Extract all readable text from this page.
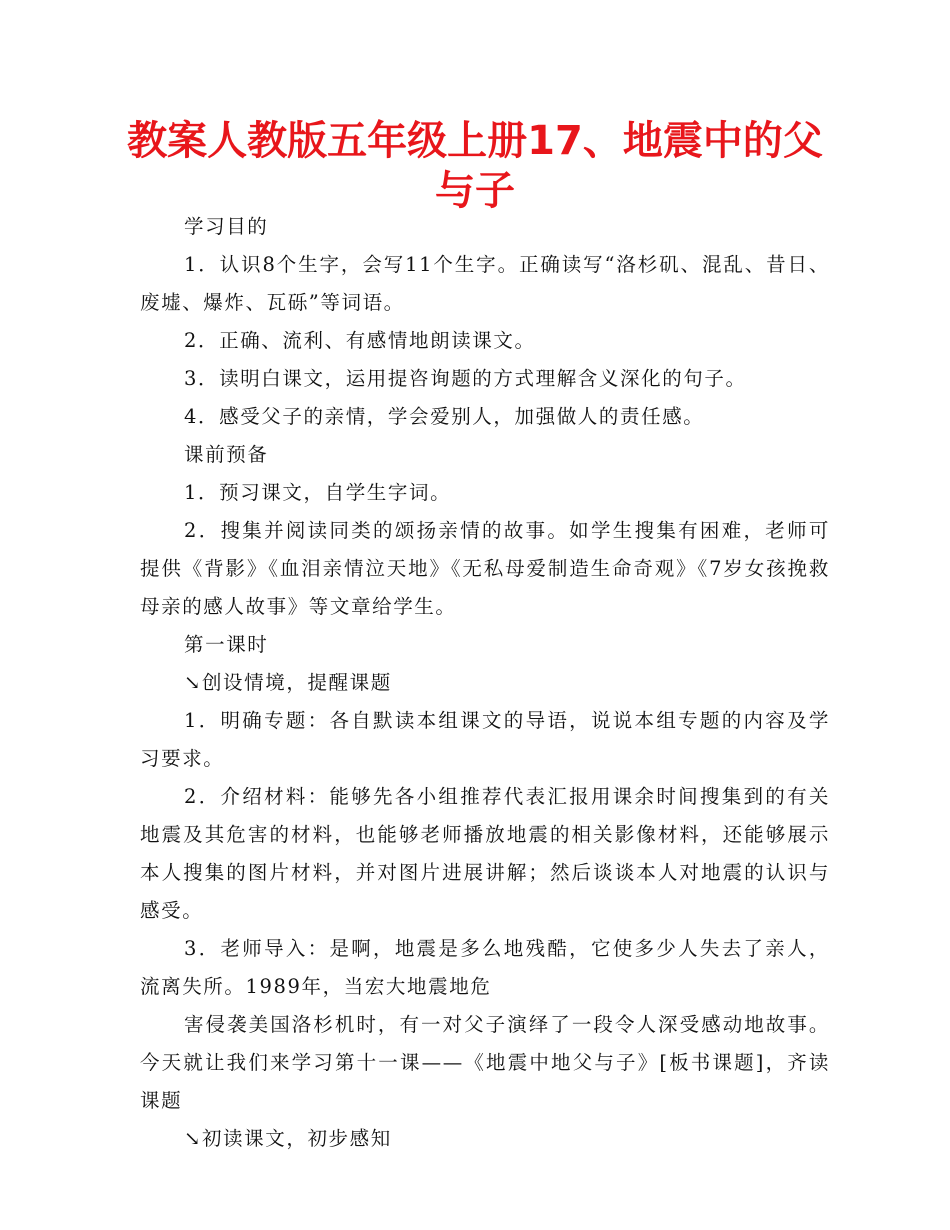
教案人教版五年级上册17、地震中的父与子

学习目的

1．认识8个生字，会写11个生字。正确读写“洛杉矶、混乱、昔日、废墟、爆炸、瓦砾”等词语。

2．正确、流利、有感情地朗读课文。

3．读明白课文，运用提咨询题的方式理解含义深化的句子。

4．感受父子的亲情，学会爱别人，加强做人的责任感。

课前预备

1．预习课文，自学生字词。

2．搜集并阅读同类的颂扬亲情的故事。如学生搜集有困难，老师可提供《背影》《血泪亲情泣天地》《无私母爱制造生命奇观》《7岁女孩挽救母亲的感人故事》等文章给学生。

第一课时

↘创设情境，提醒课题

1．明确专题：各自默读本组课文的导语，说说本组专题的内容及学习要求。

2．介绍材料：能够先各小组推荐代表汇报用课余时间搜集到的有关地震及其危害的材料，也能够老师播放地震的相关影像材料，还能够展示本人搜集的图片材料，并对图片进展讲解；然后谈谈本人对地震的认识与感受。

3．老师导入：是啊，地震是多么地残酷，它使多少人失去了亲人，流离失所。1989年，当宏大地震地危

害侵袭美国洛杉机时，有一对父子演绎了一段令人深受感动地故事。今天就让我们来学习第十一课——《地震中地父与子》[板书课题]，齐读课题

↘初读课文，初步感知
